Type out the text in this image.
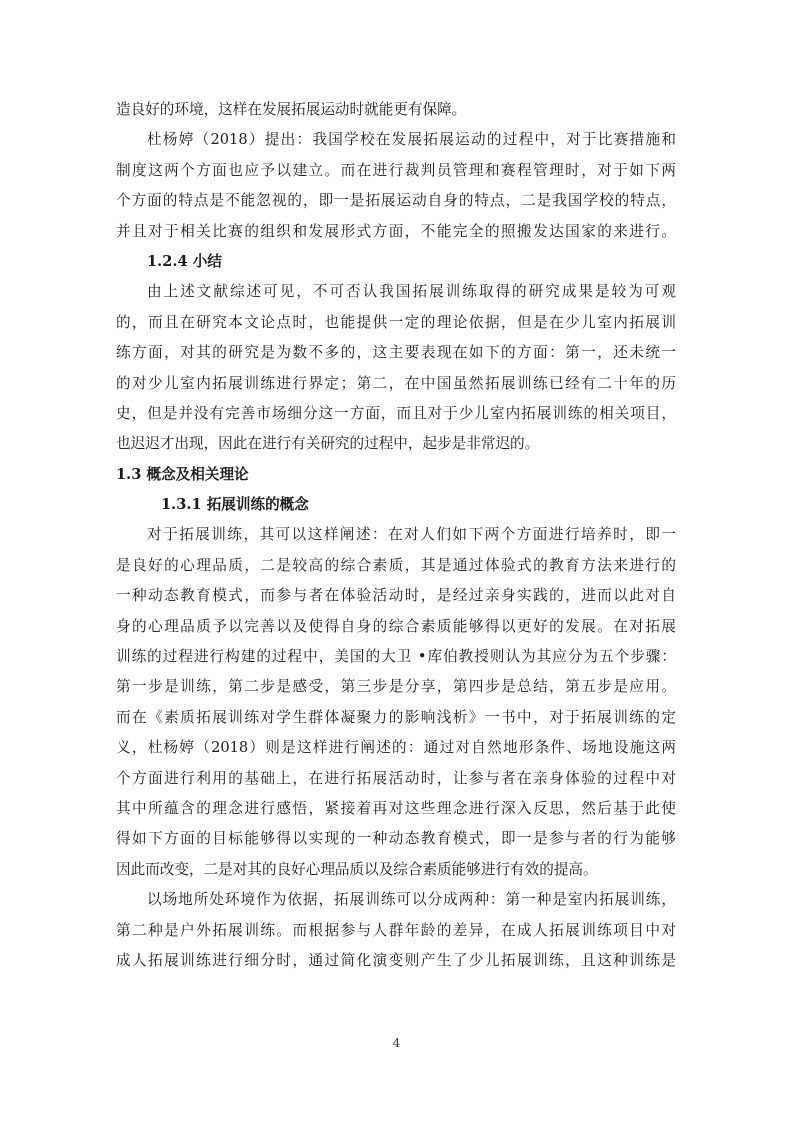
造良好的环境，这样在发展拓展运动时就能更有保障。
杜杨婷（2018）提出：我国学校在发展拓展运动的过程中，对于比赛措施和
制度这两个方面也应予以建立。而在进行裁判员管理和赛程管理时，对于如下两
个方面的特点是不能忽视的，即一是拓展运动自身的特点，二是我国学校的特点，
并且对于相关比赛的组织和发展形式方面，不能完全的照搬发达国家的来进行。
1.2.4 小结
由上述文献综述可见，不可否认我国拓展训练取得的研究成果是较为可观
的，而且在研究本文论点时，也能提供一定的理论依据，但是在少儿室内拓展训
练方面，对其的研究是为数不多的，这主要表现在如下的方面：第一，还未统一
的对少儿室内拓展训练进行界定；第二，在中国虽然拓展训练已经有二十年的历
史，但是并没有完善市场细分这一方面，而且对于少儿室内拓展训练的相关项目，
也迟迟才出现，因此在进行有关研究的过程中，起步是非常迟的。
1.3 概念及相关理论
1.3.1 拓展训练的概念
对于拓展训练，其可以这样阐述：在对人们如下两个方面进行培养时，即一
是良好的心理品质，二是较高的综合素质，其是通过体验式的教育方法来进行的
一种动态教育模式，而参与者在体验活动时，是经过亲身实践的，进而以此对自
身的心理品质予以完善以及使得自身的综合素质能够得以更好的发展。在对拓展
训练的过程进行构建的过程中，美国的大卫 •库伯教授则认为其应分为五个步骤：
第一步是训练，第二步是感受，第三步是分享，第四步是总结，第五步是应用。
而在《素质拓展训练对学生群体凝聚力的影响浅析》一书中，对于拓展训练的定
义，杜杨婷（2018）则是这样进行阐述的：通过对自然地形条件、场地设施这两
个方面进行利用的基础上，在进行拓展活动时，让参与者在亲身体验的过程中对
其中所蕴含的理念进行感悟，紧接着再对这些理念进行深入反思，然后基于此使
得如下方面的目标能够得以实现的一种动态教育模式，即一是参与者的行为能够
因此而改变，二是对其的良好心理品质以及综合素质能够进行有效的提高。
以场地所处环境作为依据，拓展训练可以分成两种：第一种是室内拓展训练，
第二种是户外拓展训练。而根据参与人群年龄的差异，在成人拓展训练项目中对
成人拓展训练进行细分时，通过简化演变则产生了少儿拓展训练，且这种训练是
4
